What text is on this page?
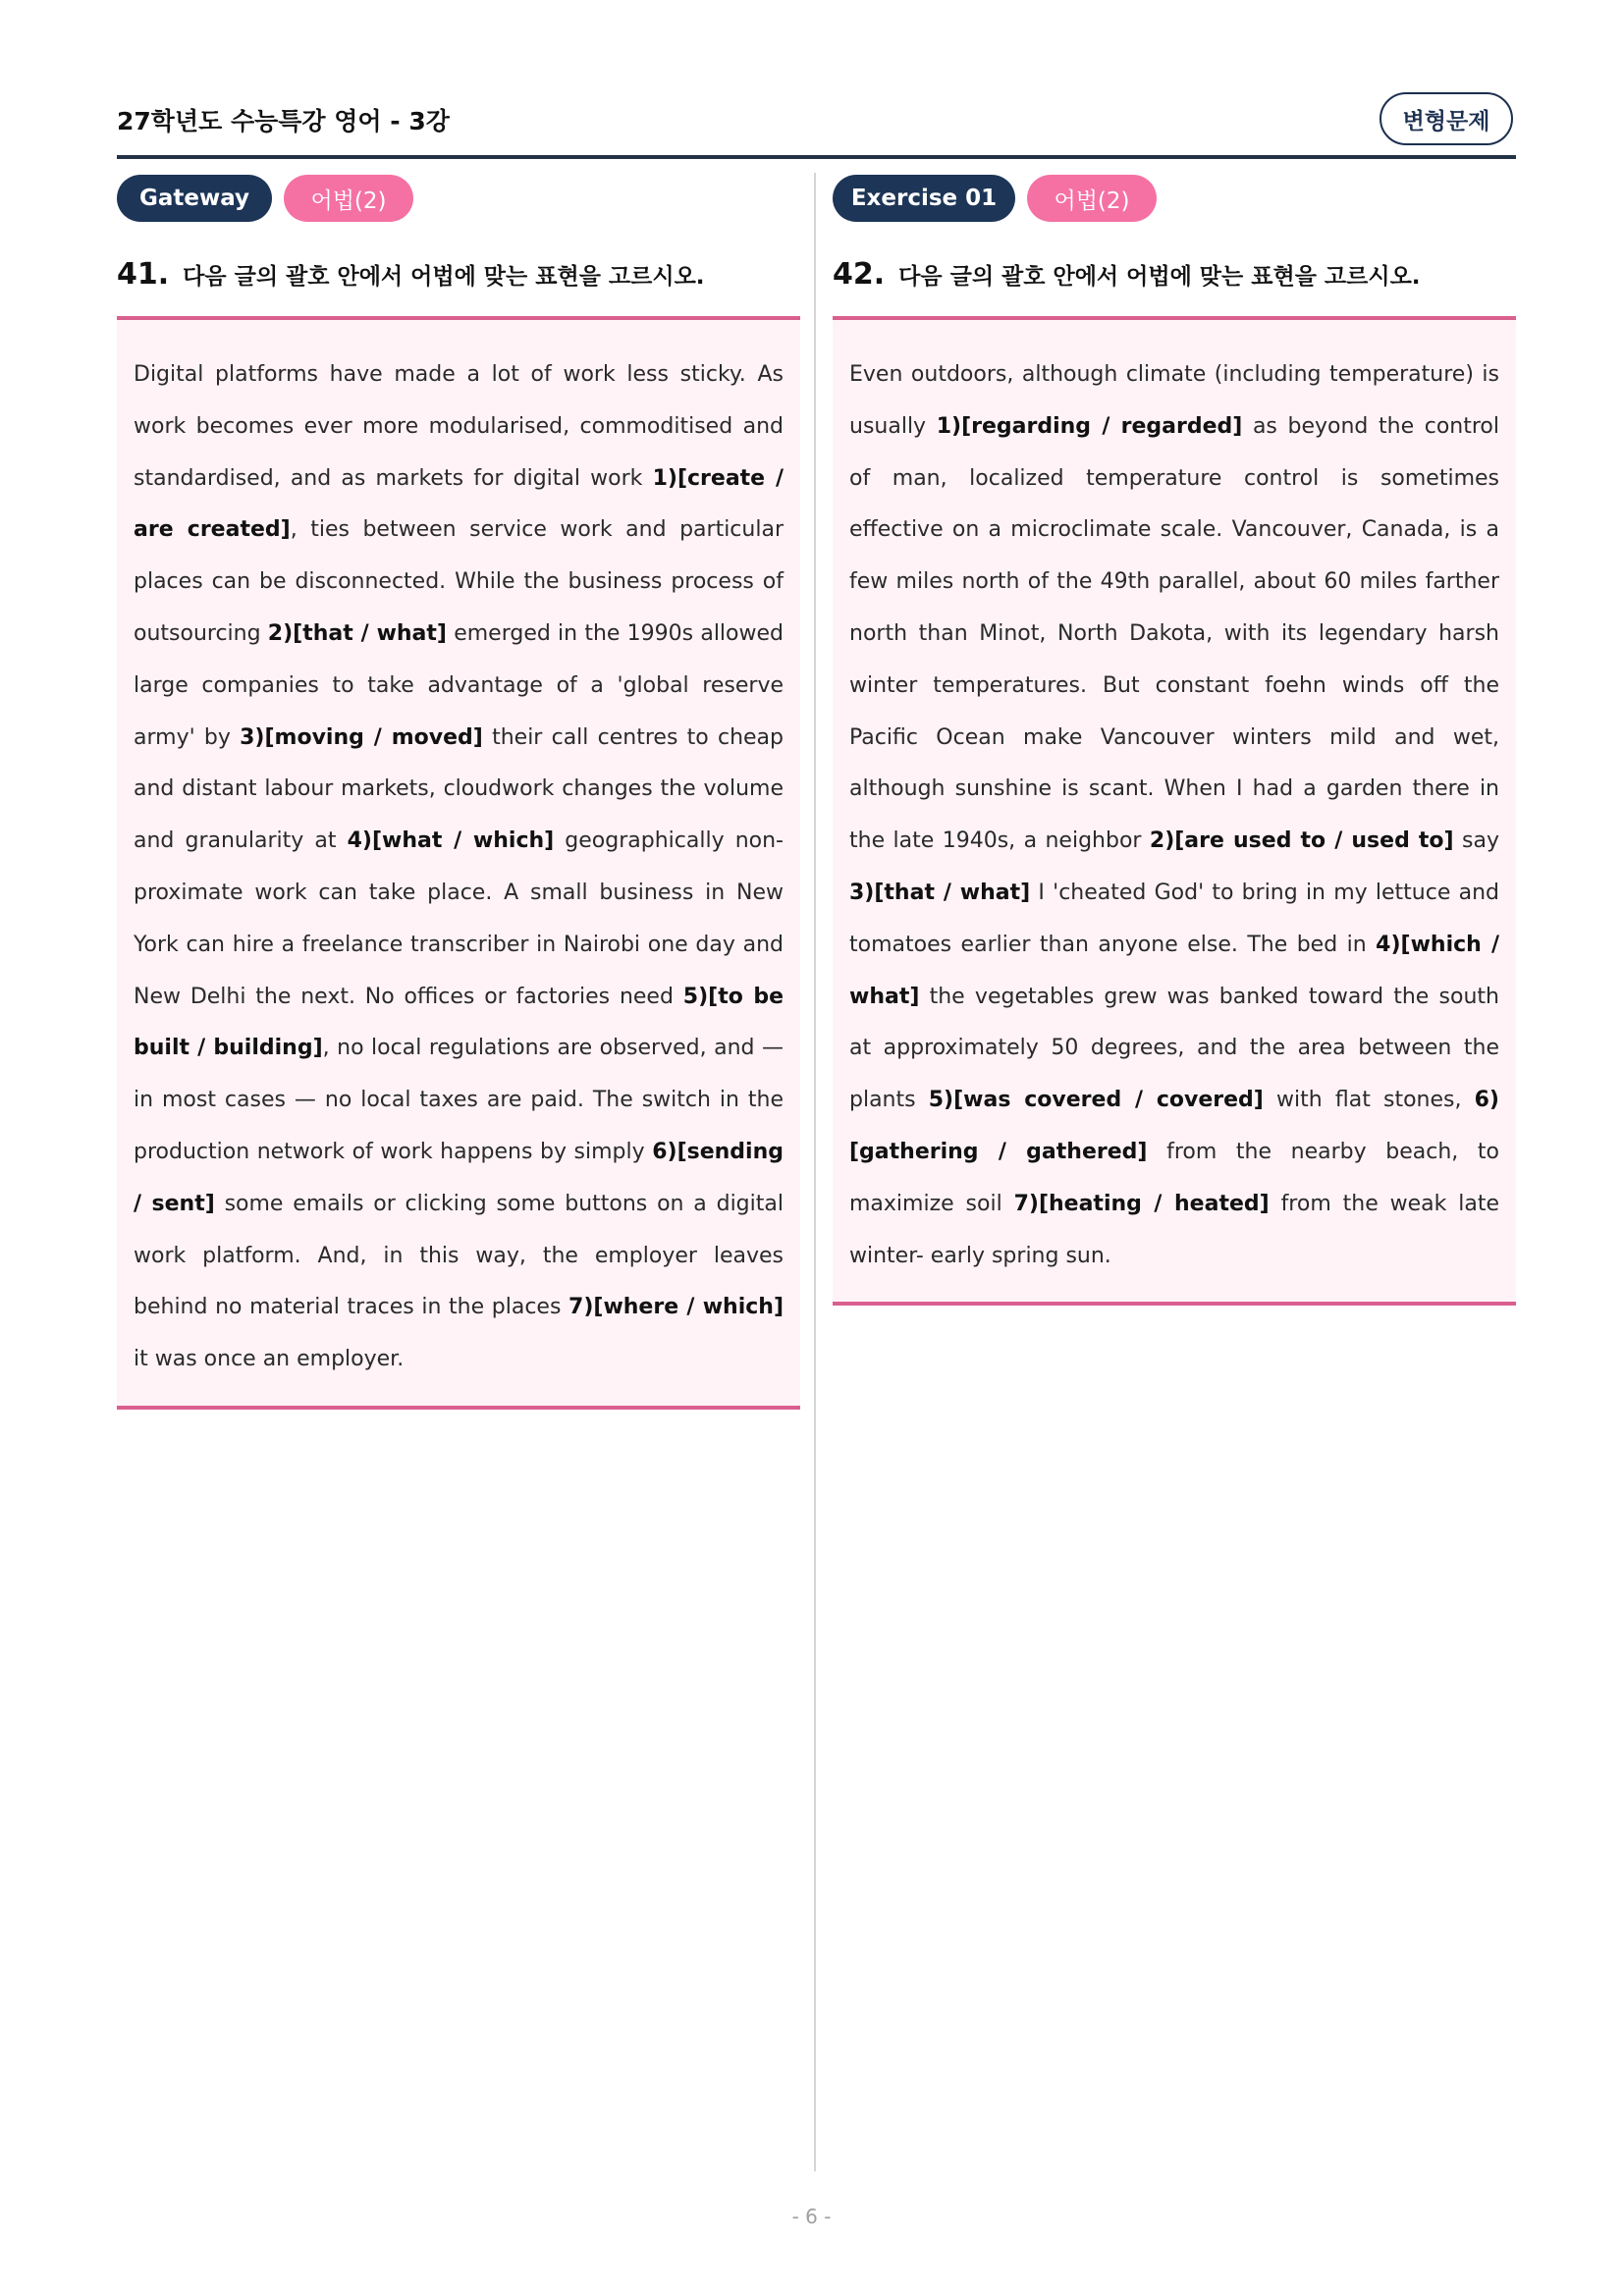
27학년도 수능특강 영어 - 3강	변형문제
Gateway	어법(2)
41. 다음 글의 괄호 안에서 어법에 맞는 표현을 고르시오.
Digital platforms have made a lot of work less sticky. As work becomes ever more modularised, commoditised and standardised, and as markets for digital work 1)[create / are created], ties between service work and particular places can be disconnected. While the business process of outsourcing 2)[that / what] emerged in the 1990s allowed large companies to take advantage of a 'global reserve army' by 3)[moving / moved] their call centres to cheap and distant labour markets, cloudwork changes the volume and granularity at 4)[what / which] geographically non-proximate work can take place. A small business in New York can hire a freelance transcriber in Nairobi one day and New Delhi the next. No offices or factories need 5)[to be built / building], no local regulations are observed, and — in most cases — no local taxes are paid. The switch in the production network of work happens by simply 6)[sending / sent] some emails or clicking some buttons on a digital work platform. And, in this way, the employer leaves behind no material traces in the places 7)[where / which] it was once an employer.
Exercise 01	어법(2)
42. 다음 글의 괄호 안에서 어법에 맞는 표현을 고르시오.
Even outdoors, although climate (including temperature) is usually 1)[regarding / regarded] as beyond the control of man, localized temperature control is sometimes effective on a microclimate scale. Vancouver, Canada, is a few miles north of the 49th parallel, about 60 miles farther north than Minot, North Dakota, with its legendary harsh winter temperatures. But constant foehn winds off the Pacific Ocean make Vancouver winters mild and wet, although sunshine is scant. When I had a garden there in the late 1940s, a neighbor 2)[are used to / used to] say 3)[that / what] I 'cheated God' to bring in my lettuce and tomatoes earlier than anyone else. The bed in 4)[which / what] the vegetables grew was banked toward the south at approximately 50 degrees, and the area between the plants 5)[was covered / covered] with flat stones, 6)[gathering / gathered] from the nearby beach, to maximize soil 7)[heating / heated] from the weak late winter- early spring sun.
- 6 -
